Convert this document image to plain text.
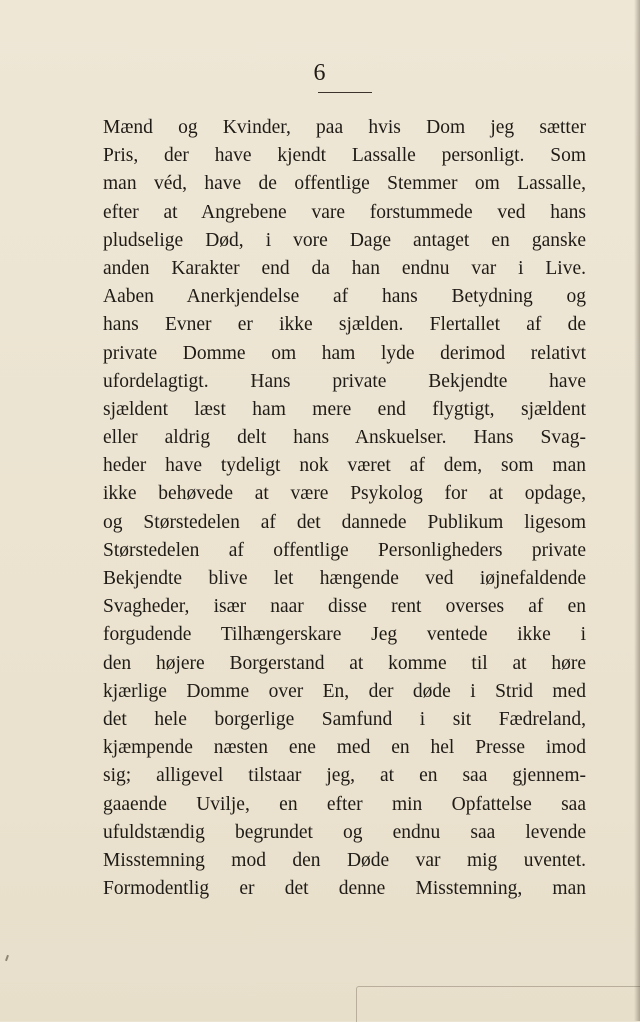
6
Mænd og Kvinder, paa hvis Dom jeg sætter
Pris, der have kjendt Lassalle personligt. Som
man véd, have de offentlige Stemmer om Lassalle,
efter at Angrebene vare forstummede ved hans
pludselige Død, i vore Dage antaget en ganske
anden Karakter end da han endnu var i Live.
Aaben Anerkjendelse af hans Betydning og
hans Evner er ikke sjælden. Flertallet af de
private Domme om ham lyde derimod relativt
ufordelagtigt. Hans private Bekjendte have
sjældent læst ham mere end flygtigt, sjældent
eller aldrig delt hans Anskuelser. Hans Svag-
heder have tydeligt nok været af dem, som man
ikke behøvede at være Psykolog for at opdage,
og Størstedelen af det dannede Publikum ligesom
Størstedelen af offentlige Personligheders private
Bekjendte blive let hængende ved iøjnefaldende
Svagheder, især naar disse rent overses af en
forgudende Tilhængerskare Jeg ventede ikke i
den højere Borgerstand at komme til at høre
kjærlige Domme over En, der døde i Strid med
det hele borgerlige Samfund i sit Fædreland,
kjæmpende næsten ene med en hel Presse imod
sig; alligevel tilstaar jeg, at en saa gjennem-
gaaende Uvilje, en efter min Opfattelse saa
ufuldstændig begrundet og endnu saa levende
Misstemning mod den Døde var mig uventet.
Formodentlig er det denne Misstemning, man
